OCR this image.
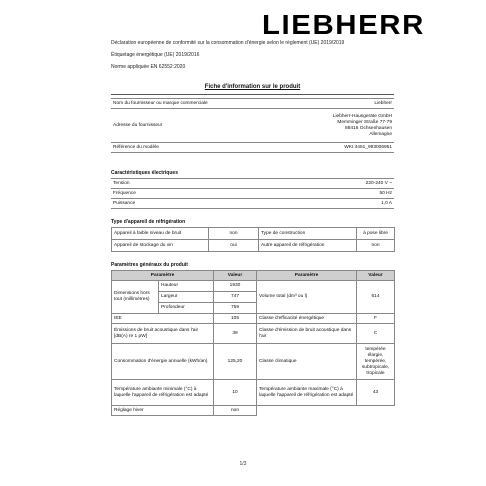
LIEBHERR
Déclaration européenne de conformité sur la consommation d'énergie selon le règlement (UE) 2019/2019
Étiquetage énergétique (UE) 2019/2016
Norme appliquée EN 62552:2020
Fiche d'information sur le produit
Nom du fournisseur ou marque commerciale	Liebherr
Adresse du fournisseur	Liebherr-Hausgeräte GmbH
Memminger Straße 77-79
88416 Ochsenhausen
Allemagne

Référence du modèle	WKt 4451_993006951
Caractéristiques électriques
Tension	220-240 V ~
Fréquence	50 Hz
Puissance	1,0 A
Type d'appareil de réfrigération
Appareil à faible niveau de bruit	non	Type de construction	à pose libre
Appareil de stockage du vin	oui	Autre appareil de réfrigération	non
Paramètres généraux du produit
Paramètre		Valeur	Paramètre	Valeur
Dimensions hors tout (millimètres)	Hauteur	1930	Volume total (dm³ ou l)	614
	Largeur	747		
	Profondeur	759		
IEE		105	Classe d'efficacité énergétique	F
Émissions de bruit acoustique dans l'air [dB(A) re 1 pW]		39	Classe d'émission de bruit acoustique dans l'air	C
Consommation d'énergie annuelle (kWh/an)		125,20	Classe climatique	tempérée
élargie,
tempérée,
subtropicale,
tropicale

Température ambiante minimale (°C) à laquelle l'appareil de réfrigération est adapté		10	Température ambiante maximale (°C) à laquelle l'appareil de réfrigération est adapté	43
Réglage hiver		non		
1/3
